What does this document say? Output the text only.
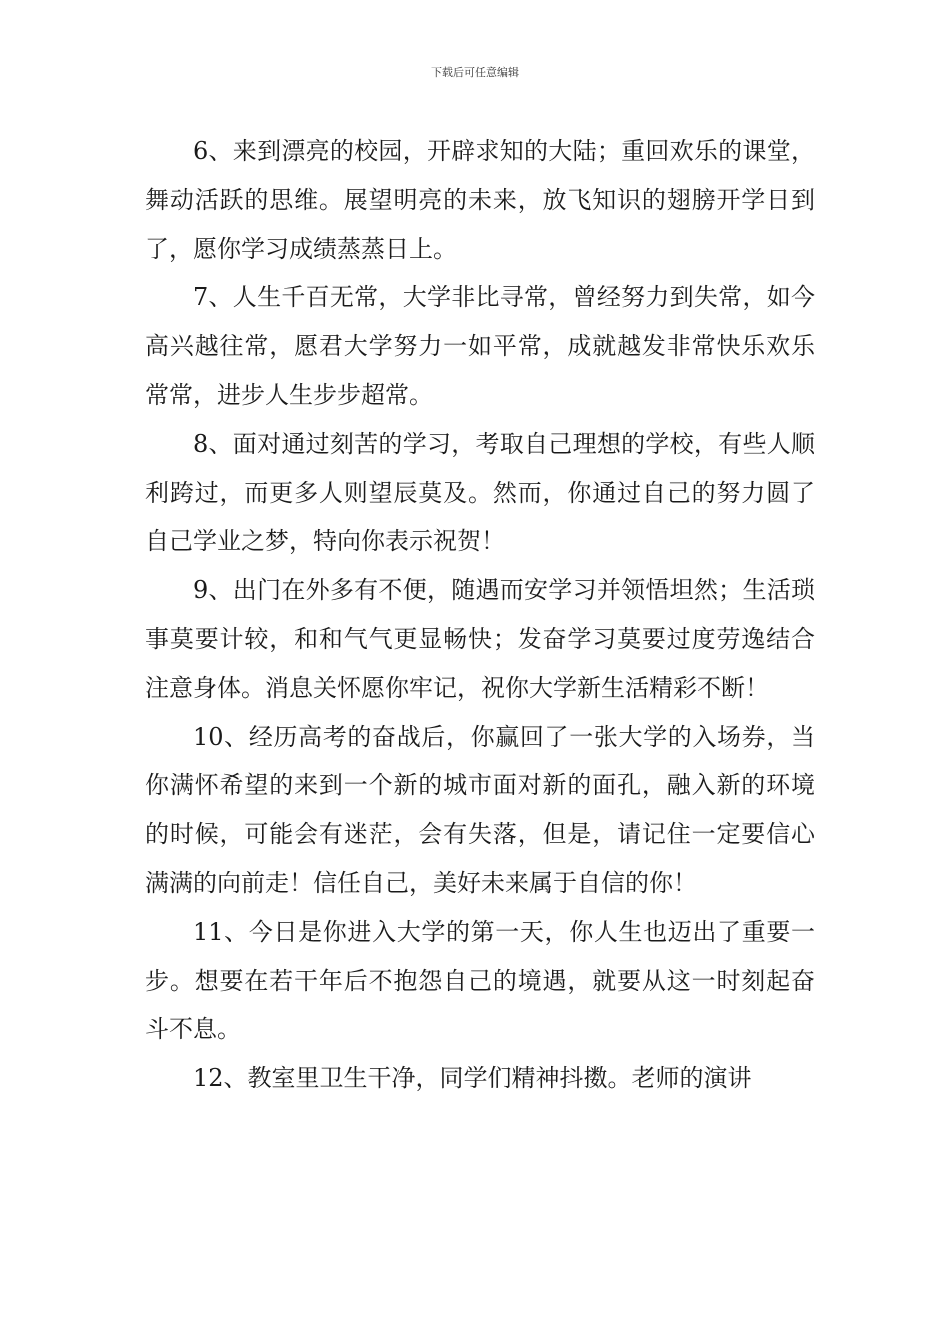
下载后可任意编辑

6、来到漂亮的校园，开辟求知的大陆；重回欢乐的课堂，舞动活跃的思维。展望明亮的未来，放飞知识的翅膀开学日到了，愿你学习成绩蒸蒸日上。

7、人生千百无常，大学非比寻常，曾经努力到失常，如今高兴越往常，愿君大学努力一如平常，成就越发非常快乐欢乐常常，进步人生步步超常。

8、面对通过刻苦的学习，考取自己理想的学校，有些人顺利跨过，而更多人则望辰莫及。然而，你通过自己的努力圆了自己学业之梦，特向你表示祝贺！

9、出门在外多有不便，随遇而安学习并领悟坦然；生活琐事莫要计较，和和气气更显畅快；发奋学习莫要过度劳逸结合注意身体。消息关怀愿你牢记，祝你大学新生活精彩不断！

10、经历高考的奋战后，你赢回了一张大学的入场券，当你满怀希望的来到一个新的城市面对新的面孔，融入新的环境的时候，可能会有迷茫，会有失落，但是，请记住一定要信心满满的向前走！信任自己，美好未来属于自信的你！

11、今日是你进入大学的第一天，你人生也迈出了重要一步。想要在若干年后不抱怨自己的境遇，就要从这一时刻起奋斗不息。

12、教室里卫生干净，同学们精神抖擞。老师的演讲
